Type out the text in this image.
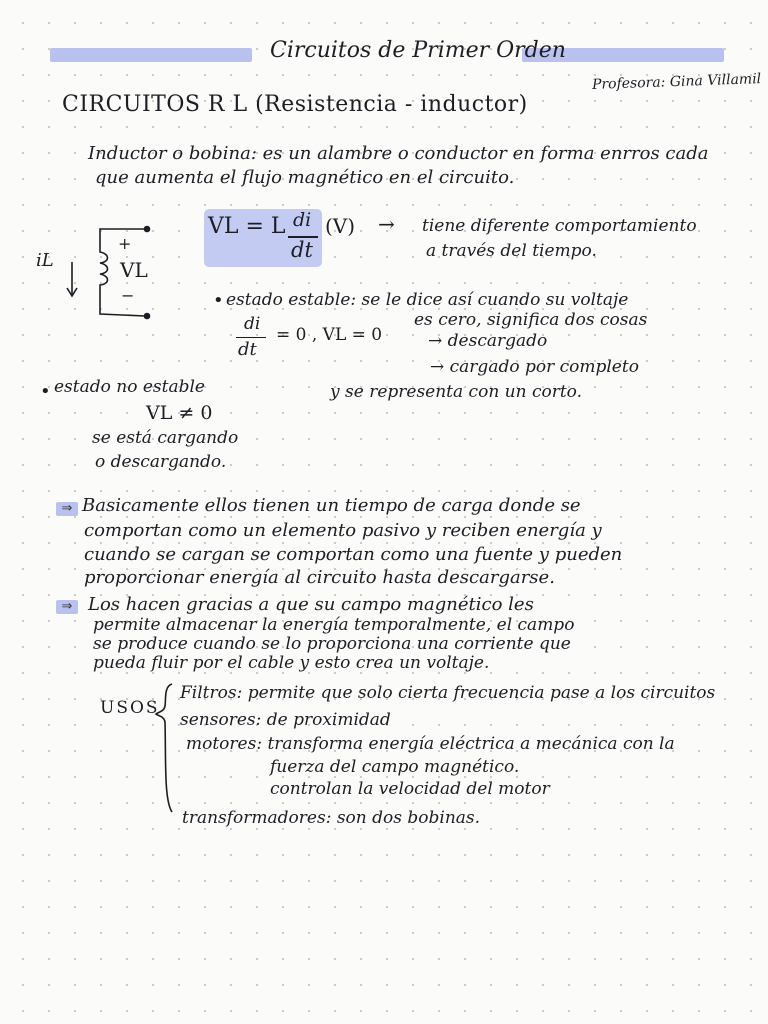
Circuitos de Primer Orden
Profesora: Gina Villamil
CIRCUITOS R L (Resistencia - inductor)
Inductor o bobina: es un alambre o conductor en forma enrros cada
que aumenta el flujo magnético en el circuito.
iL
+
VL
−
VL = L di
dt
(V) → tiene diferente comportamiento
a través del tiempo.
• estado estable: se le dice así cuando su voltaje
es cero, significa dos cosas
→ descargado
→ cargado por completo
di
dt
= 0 , VL = 0
y se representa con un corto.
• estado no estable
VL ≠ 0
se está cargando
o descargando.
⇒ Basicamente ellos tienen un tiempo de carga donde se
comportan como un elemento pasivo y reciben energía y
cuando se cargan se comportan como una fuente y pueden
proporcionar energía al circuito hasta descargarse.
⇒ Los hacen gracias a que su campo magnético les
permite almacenar la energía temporalmente, el campo
se produce cuando se lo proporciona una corriente que
pueda fluir por el cable y esto crea un voltaje.
USOS
Filtros: permite que solo cierta frecuencia pase a los circuitos
sensores: de proximidad
motores: transforma energía eléctrica a mecánica con la
fuerza del campo magnético.
controlan la velocidad del motor
transformadores: son dos bobinas.
